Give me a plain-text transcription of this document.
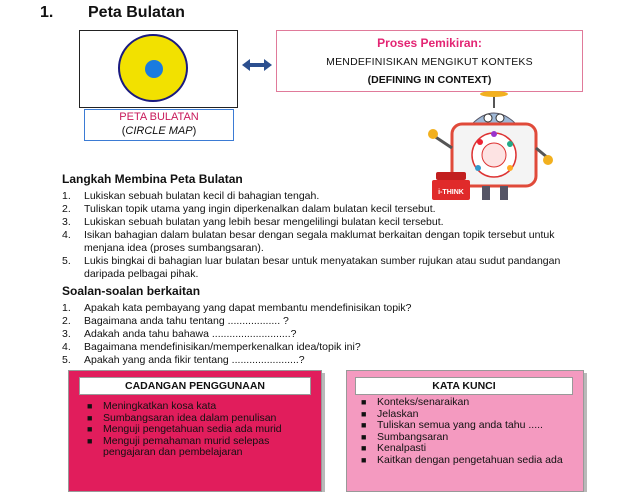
1. Peta Bulatan
PETA BULATAN
(CIRCLE MAP)
Proses Pemikiran:
MENDEFINISIKAN MENGIKUT KONTEKS
(DEFINING IN CONTEXT)
i-THINK
Langkah Membina Peta Bulatan
1. Lukiskan sebuah bulatan kecil di bahagian tengah.
2. Tuliskan topik utama yang ingin diperkenalkan dalam bulatan kecil tersebut.
3. Lukiskan sebuah bulatan yang lebih besar mengelilingi bulatan kecil tersebut.
4. Isikan bahagian dalam bulatan besar dengan segala maklumat berkaitan dengan topik tersebut untuk menjana idea (proses sumbangsaran).
5. Lukis bingkai di bahagian luar bulatan besar untuk menyatakan sumber rujukan atau sudut pandangan daripada pelbagai pihak.
Soalan-soalan berkaitan
1. Apakah kata pembayang yang dapat membantu mendefinisikan topik?
2. Bagaimana anda tahu tentang .................. ?
3. Adakah anda tahu bahawa ...........................?
4. Bagaimana mendefinisikan/memperkenalkan idea/topik ini?
5. Apakah yang anda fikir tentang .......................?
CADANGAN PENGGUNAAN
■ Meningkatkan kosa kata
■ Sumbangsaran idea dalam penulisan
■ Menguji pengetahuan sedia ada murid
■ Menguji pemahaman murid selepas pengajaran dan pembelajaran
KATA KUNCI
■ Konteks/senaraikan
■ Jelaskan
■ Tuliskan semua yang anda tahu .....
■ Sumbangsaran
■ Kenalpasti
■ Kaitkan dengan pengetahuan sedia ada
